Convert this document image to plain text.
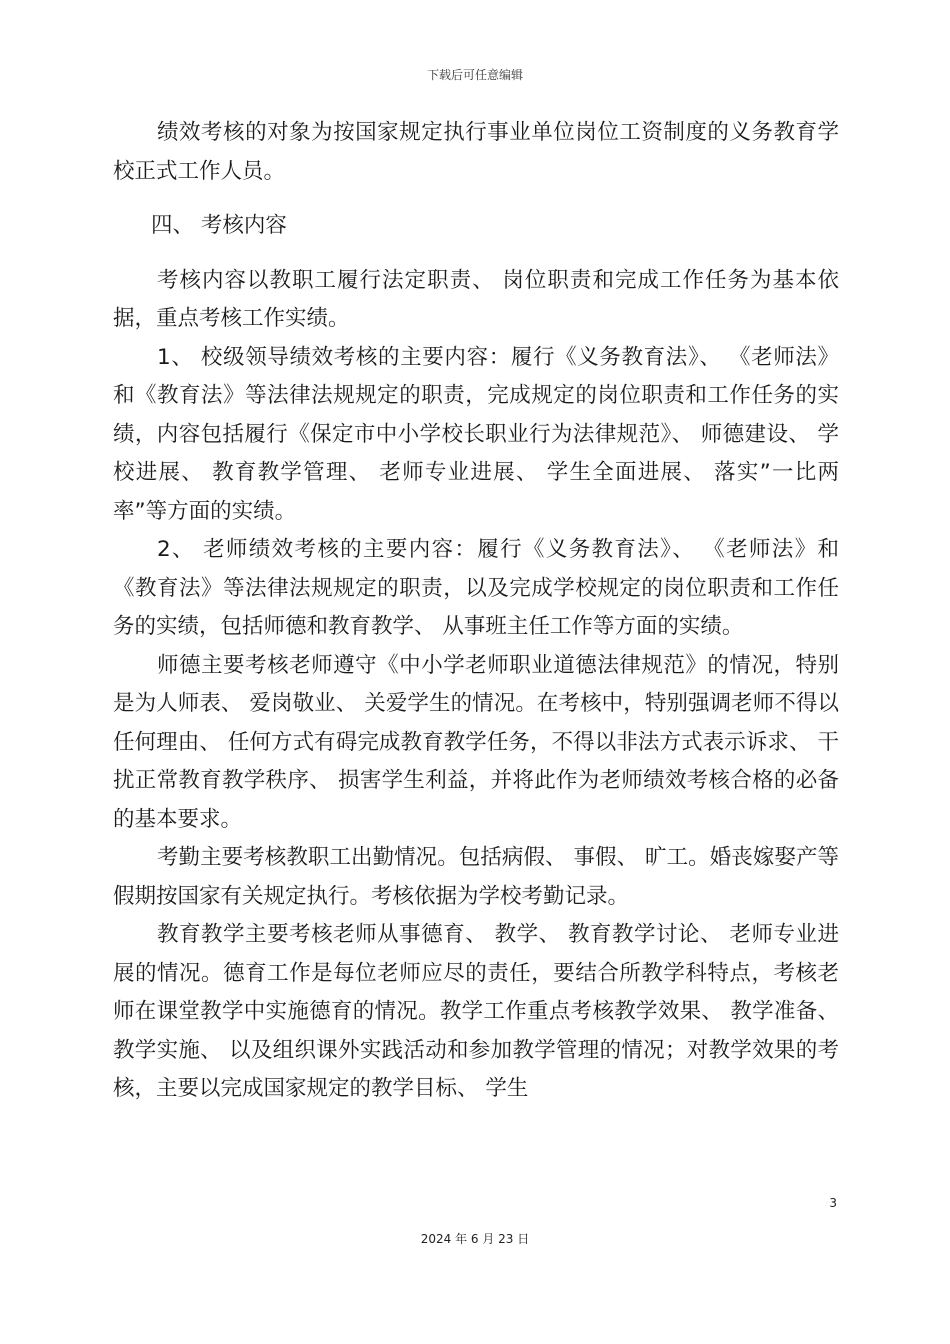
下载后可任意编辑

绩效考核的对象为按国家规定执行事业单位岗位工资制度的义务教育学校正式工作人员。

四、 考核内容

考核内容以教职工履行法定职责、 岗位职责和完成工作任务为基本依据，重点考核工作实绩。

1、 校级领导绩效考核的主要内容：履行《义务教育法》、 《老师法》和《教育法》等法律法规规定的职责，完成规定的岗位职责和工作任务的实绩，内容包括履行《保定市中小学校长职业行为法律规范》、 师德建设、 学校进展、 教育教学管理、 老师专业进展、 学生全面进展、 落实”一比两率”等方面的实绩。

2、 老师绩效考核的主要内容：履行《义务教育法》、 《老师法》和《教育法》等法律法规规定的职责，以及完成学校规定的岗位职责和工作任务的实绩，包括师德和教育教学、 从事班主任工作等方面的实绩。

师德主要考核老师遵守《中小学老师职业道德法律规范》的情况，特别是为人师表、 爱岗敬业、 关爱学生的情况。在考核中，特别强调老师不得以任何理由、 任何方式有碍完成教育教学任务，不得以非法方式表示诉求、 干扰正常教育教学秩序、 损害学生利益，并将此作为老师绩效考核合格的必备的基本要求。

考勤主要考核教职工出勤情况。包括病假、 事假、 旷工。婚丧嫁娶产等假期按国家有关规定执行。考核依据为学校考勤记录。

教育教学主要考核老师从事德育、 教学、 教育教学讨论、 老师专业进展的情况。德育工作是每位老师应尽的责任，要结合所教学科特点，考核老师在课堂教学中实施德育的情况。教学工作重点考核教学效果、 教学准备、 教学实施、 以及组织课外实践活动和参加教学管理的情况；对教学效果的考核，主要以完成国家规定的教学目标、 学生

3
2024 年 6 月 23 日
